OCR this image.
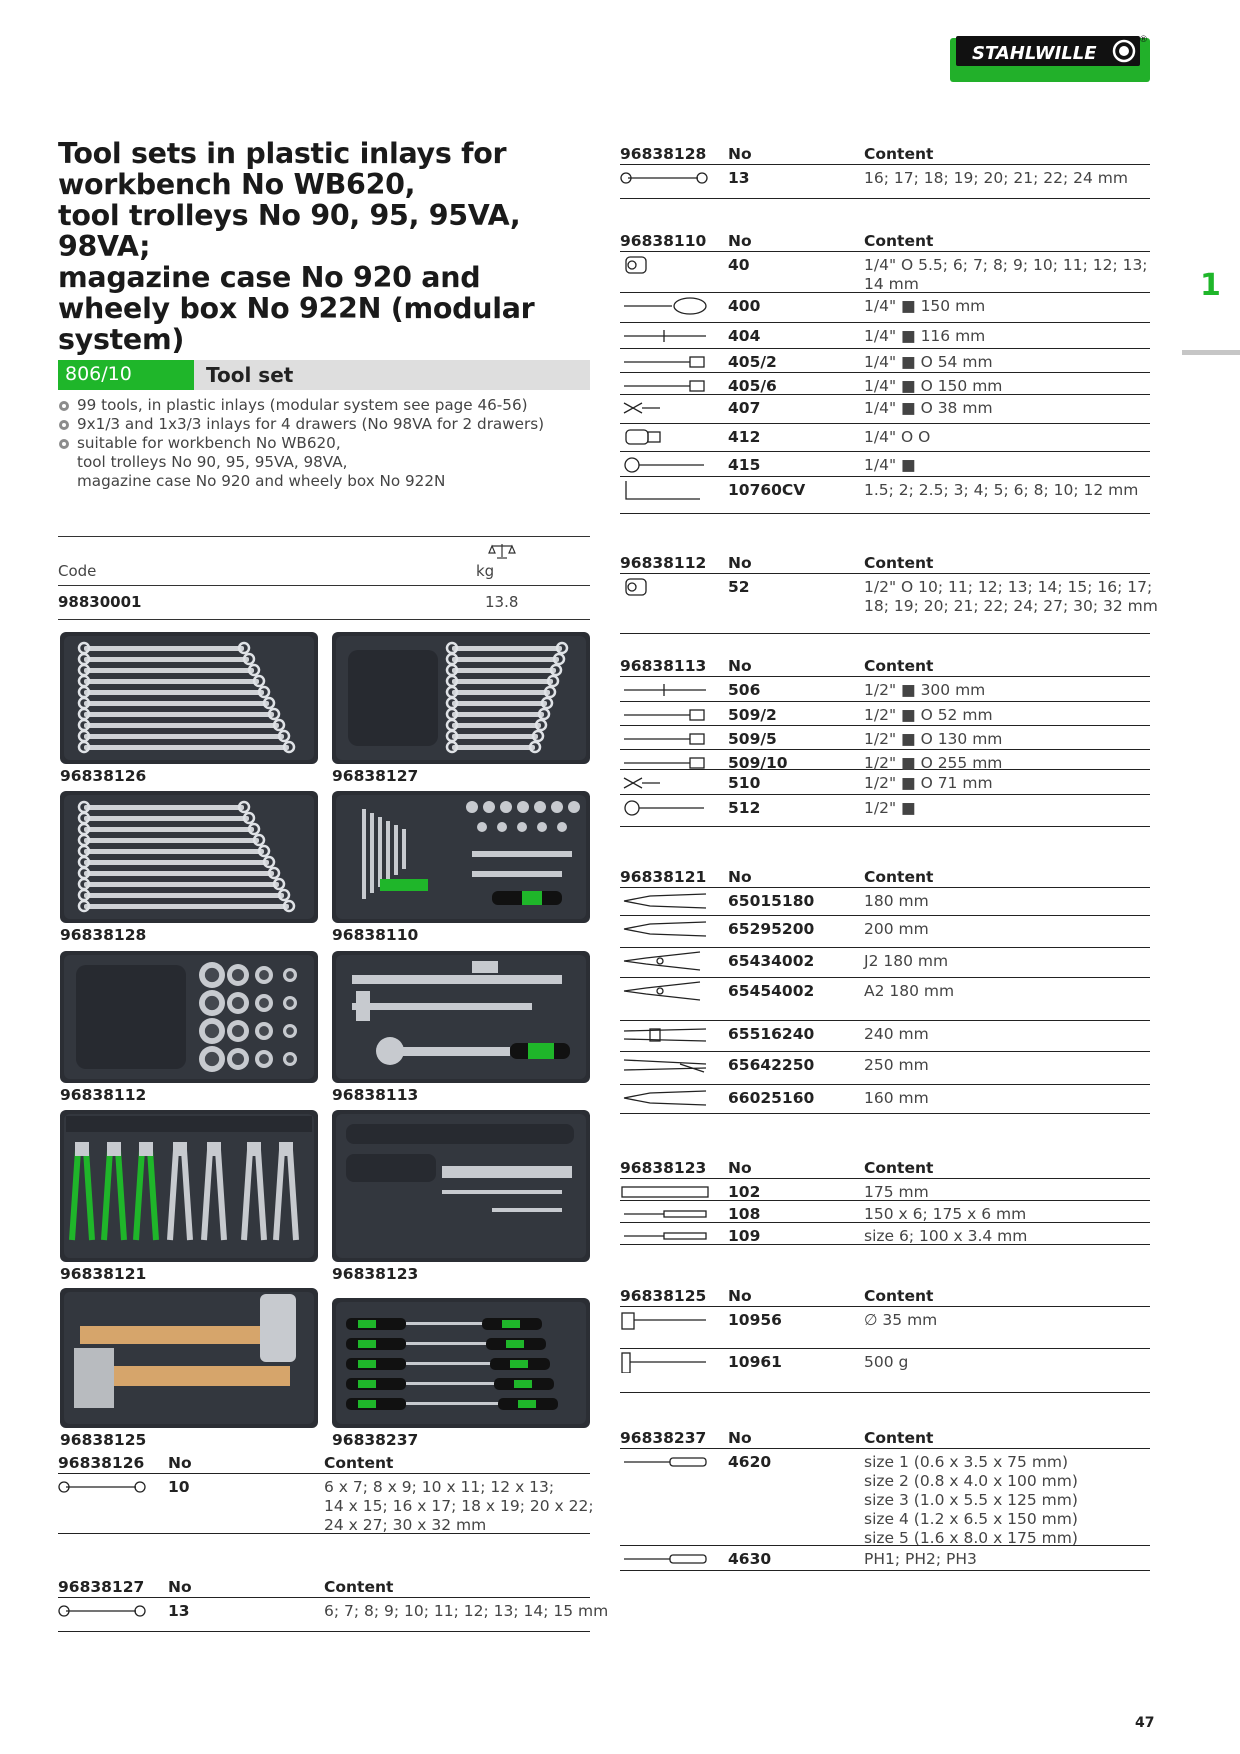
STAHLWILLE
®
Tool sets in plastic inlays for
workbench No WB620,
tool trolleys No 90, 95, 95VA, 98VA;
magazine case No 920 and
wheely box No 922N (modular system)
1
806/10	Tool set
99 tools, in plastic inlays (modular system see page 46-56)
9x1/3 and 1x3/3 inlays for 4 drawers (No 98VA for 2 drawers)
suitable for workbench No WB620,
tool trolleys No 90, 95, 95VA, 98VA,
magazine case No 920 and wheely box No 922N
Code	kg
98830001	13.8
96838126	96838127
96838128	96838110
96838112	96838113
96838121	96838123
96838125	96838237
96838126 No	Content
10	6 x 7; 8 x 9; 10 x 11; 12 x 13;
14 x 15; 16 x 17; 18 x 19; 20 x 22;
24 x 27; 30 x 32 mm
96838127 No	Content
13	6; 7; 8; 9; 10; 11; 12; 13; 14; 15 mm
96838128 No	Content
13	16; 17; 18; 19; 20; 21; 22; 24 mm
96838110 No	Content
40	1/4" O 5.5; 6; 7; 8; 9; 10; 11; 12; 13;
14 mm
400	1/4" ■ 150 mm
404	1/4" ■ 116 mm
405/2	1/4" ■ O 54 mm
405/6	1/4" ■ O 150 mm
407	1/4" ■ O 38 mm
412	1/4" O O
415	1/4" ■
10760CV	1.5; 2; 2.5; 3; 4; 5; 6; 8; 10; 12 mm
96838112 No	Content
52	1/2" O 10; 11; 12; 13; 14; 15; 16; 17;
18; 19; 20; 21; 22; 24; 27; 30; 32 mm
96838113 No	Content
506	1/2" ■ 300 mm
509/2	1/2" ■ O 52 mm
509/5	1/2" ■ O 130 mm
509/10	1/2" ■ O 255 mm
510	1/2" ■ O 71 mm
512	1/2" ■
96838121 No	Content
65015180	180 mm
65295200	200 mm
65434002	J2 180 mm
65454002	A2 180 mm
65516240	240 mm
65642250	250 mm
66025160	160 mm
96838123 No	Content
102	175 mm
108	150 x 6; 175 x 6 mm
109	size 6; 100 x 3.4 mm
96838125 No	Content
10956	∅ 35 mm
10961	500 g
96838237 No	Content
4620	size 1 (0.6 x 3.5 x 75 mm)
size 2 (0.8 x 4.0 x 100 mm)
size 3 (1.0 x 5.5 x 125 mm)
size 4 (1.2 x 6.5 x 150 mm)
size 5 (1.6 x 8.0 x 175 mm)
4630	PH1; PH2; PH3
47
